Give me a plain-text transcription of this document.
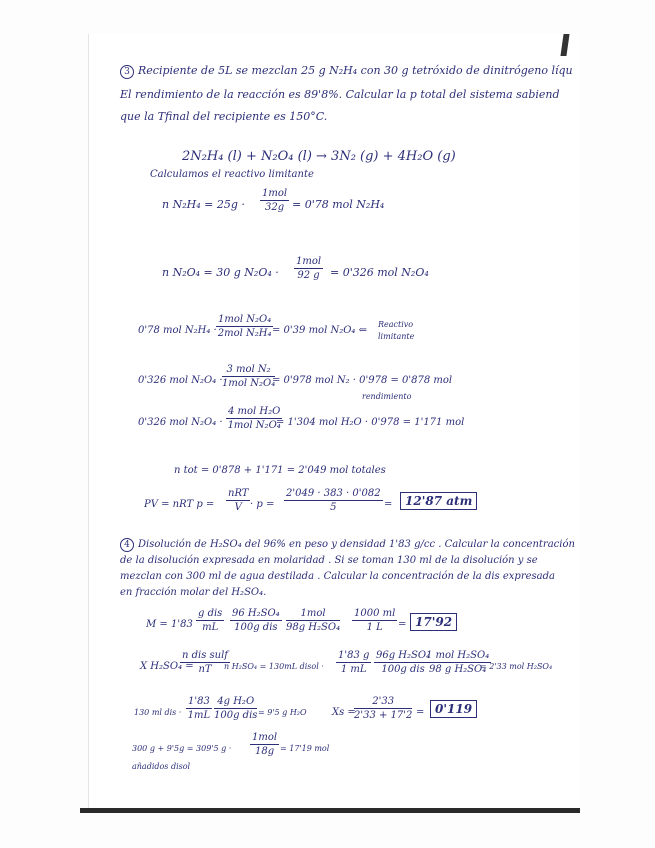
3 Recipiente de 5L se mezclan 25 g N₂H₄ con 30 g tetróxido de dinitrógeno líqu
El rendimiento de la reacción es 89'8%. Calcular la p total del sistema sabiend
que la Tfinal del recipiente es 150°C.
2N₂H₄ (l) + N₂O₄ (l) → 3N₂ (g) + 4H₂O (g)
Calculamos el reactivo limitante
n N₂H₄ = 25g ·
1mol
32g = 0'78 mol N₂H₄
n N₂O₄ = 30 g N₂O₄ ·
1mol
92 g = 0'326 mol N₂O₄
0'78 mol N₂H₄ ·
1mol N₂O₄
2mol N₂H₄ = 0'39 mol N₂O₄ ⇐
Reactivo
limitante
0'326 mol N₂O₄ ·
3 mol N₂
1mol N₂O₄
= 0'978 mol N₂ · 0'978 = 0'878 mol
rendimiento
0'326 mol N₂O₄ ·
4 mol H₂O
1mol N₂O₄
= 1'304 mol H₂O · 0'978 = 1'171 mol
n tot = 0'878 + 1'171 = 2'049 mol totales
PV = nRT p =
nRT
$V \cdot p = \frac{2'049 \cdot 383 \cdot 0'082}{5}$ =	12'87 atm
4 Disolución de H₂SO₄ del 96% en peso y densidad 1'83 g/cc . Calcular la concentración
de la disolución expresada en molaridad . Si se toman 130 ml de la disolución y se
mezclan con 300 ml de agua destilada . Calcular la concentración de la dis expresada
en fracción molar del H₂SO₄.
M = 1'83
g dis
mL
96 H₂SO₄
100g dis
1mol
98g $H_2SO_4 \frac{1000 ml}{1 L} = 17'92$
X H₂SO₄ =
n dis sulf
nT	n H₂SO₄ = 130mL disol · $\frac{1'83 g}{1 mL} 96g$ H₂SO₄
100g dis
1 mol H₂SO₄
98 g H₂SO₄
= 2'33 mol H₂SO₄
130 ml dis · $\frac{1'83}{1mL} 4g$ H₂O
100g dis = 9'5 g H₂O	Xs =
$\frac{2'33}{2'33 + 17'2} = 0'119$
300 g + 9'5g = 309'5 g ·
1mol
18g = 17'19 mol
añadidos disol
